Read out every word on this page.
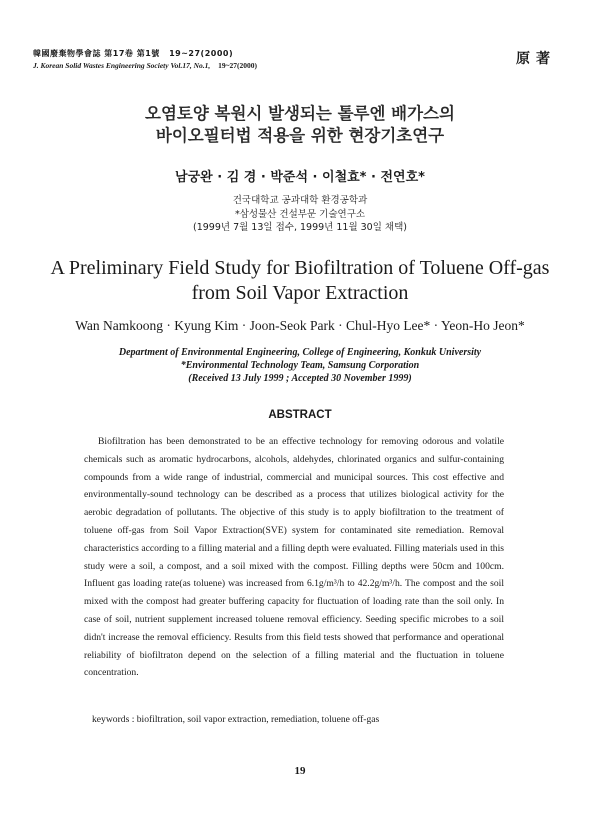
韓國廢棄物學會誌 第17卷 第1號 19~27(2000)
J. Korean Solid Wastes Engineering Society Vol.17, No.1, 19~27(2000)	原著
오염토양 복원시 발생되는 톨루엔 배가스의
바이오필터법 적용을 위한 현장기초연구
남궁완 · 김 경 · 박준석 · 이철효* · 전연호*
건국대학교 공과대학 환경공학과
*삼성물산 건설부문 기술연구소
(1999년 7월 13일 접수, 1999년 11월 30일 채택)
A Preliminary Field Study for Biofiltration of Toluene Off-gas
from Soil Vapor Extraction
Wan Namkoong · Kyung Kim · Joon-Seok Park · Chul-Hyo Lee* · Yeon-Ho Jeon*
Department of Environmental Engineering, College of Engineering, Konkuk University
*Environmental Technology Team, Samsung Corporation
(Received 13 July 1999 ; Accepted 30 November 1999)
ABSTRACT

Biofiltration has been demonstrated to be an effective technology for removing odorous and volatile chemicals such as aromatic hydrocarbons, alcohols, aldehydes, chlorinated organics and sulfur-containing compounds from a wide range of industrial, commercial and municipal sources. This cost effective and environmentally-sound technology can be described as a process that utilizes biological activity for the aerobic degradation of pollutants. The objective of this study is to apply biofiltration to the treatment of toluene off-gas from Soil Vapor Extraction(SVE) system for contaminated site remediation. Removal characteristics according to a filling material and a filling depth were evaluated. Filling materials used in this study were a soil, a compost, and a soil mixed with the compost. Filling depths were 50cm and 100cm. Influent gas loading rate(as toluene) was increased from 6.1g/m³/h to 42.2g/m³/h. The compost and the soil mixed with the compost had greater buffering capacity for fluctuation of loading rate than the soil only. In case of soil, nutrient supplement increased toluene removal efficiency. Seeding specific microbes to a soil didn't increase the removal efficiency. Results from this field tests showed that performance and operational reliability of biofiltraton depend on the selection of a filling material and the fluctuation in toluene concentration.

keywords : biofiltration, soil vapor extraction, remediation, toluene off-gas
19
